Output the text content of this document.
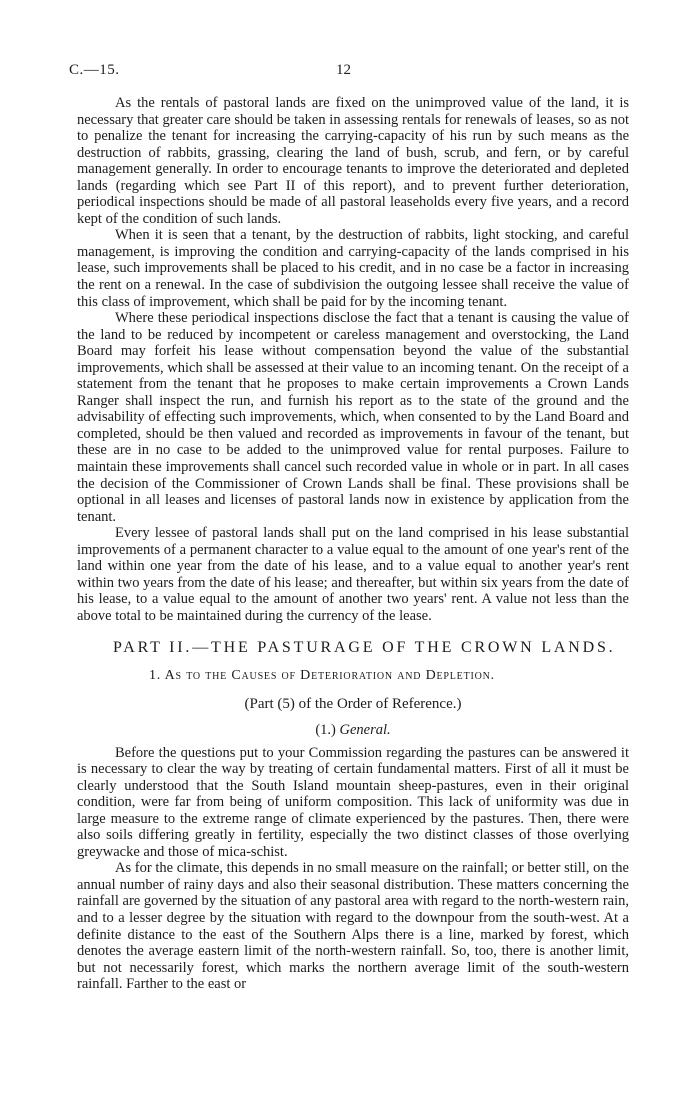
C.—15.	12

As the rentals of pastoral lands are fixed on the unimproved value of the land, it is necessary that greater care should be taken in assessing rentals for renewals of leases, so as not to penalize the tenant for increasing the carrying-capacity of his run by such means as the destruction of rabbits, grassing, clearing the land of bush, scrub, and fern, or by careful management generally. In order to encourage tenants to improve the deteriorated and depleted lands (regarding which see Part II of this report), and to prevent further deterioration, periodical inspections should be made of all pastoral leaseholds every five years, and a record kept of the condition of such lands.

When it is seen that a tenant, by the destruction of rabbits, light stocking, and careful management, is improving the condition and carrying-capacity of the lands comprised in his lease, such improvements shall be placed to his credit, and in no case be a factor in increasing the rent on a renewal. In the case of subdivision the outgoing lessee shall receive the value of this class of improvement, which shall be paid for by the incoming tenant.

Where these periodical inspections disclose the fact that a tenant is causing the value of the land to be reduced by incompetent or careless management and overstocking, the Land Board may forfeit his lease without compensation beyond the value of the substantial improvements, which shall be assessed at their value to an incoming tenant. On the receipt of a statement from the tenant that he proposes to make certain improvements a Crown Lands Ranger shall inspect the run, and furnish his report as to the state of the ground and the advisability of effecting such improvements, which, when consented to by the Land Board and completed, should be then valued and recorded as improvements in favour of the tenant, but these are in no case to be added to the unimproved value for rental purposes. Failure to maintain these improvements shall cancel such recorded value in whole or in part. In all cases the decision of the Commissioner of Crown Lands shall be final. These provisions shall be optional in all leases and licenses of pastoral lands now in existence by application from the tenant.

Every lessee of pastoral lands shall put on the land comprised in his lease substantial improvements of a permanent character to a value equal to the amount of one year's rent of the land within one year from the date of his lease, and to a value equal to another year's rent within two years from the date of his lease; and thereafter, but within six years from the date of his lease, to a value equal to the amount of another two years' rent. A value not less than the above total to be maintained during the currency of the lease.

PART II.—THE PASTURAGE OF THE CROWN LANDS.
1. As to the Causes of Deterioration and Depletion.
(Part (5) of the Order of Reference.)
(1.) General.

Before the questions put to your Commission regarding the pastures can be answered it is necessary to clear the way by treating of certain fundamental matters. First of all it must be clearly understood that the South Island mountain sheep-pastures, even in their original condition, were far from being of uniform composition. This lack of uniformity was due in large measure to the extreme range of climate experienced by the pastures. Then, there were also soils differing greatly in fertility, especially the two distinct classes of those overlying greywacke and those of mica-schist.

As for the climate, this depends in no small measure on the rainfall; or better still, on the annual number of rainy days and also their seasonal distribution. These matters concerning the rainfall are governed by the situation of any pastoral area with regard to the north-western rain, and to a lesser degree by the situation with regard to the downpour from the south-west. At a definite distance to the east of the Southern Alps there is a line, marked by forest, which denotes the average eastern limit of the north-western rainfall. So, too, there is another limit, but not necessarily forest, which marks the northern average limit of the south-western rainfall. Farther to the east or
